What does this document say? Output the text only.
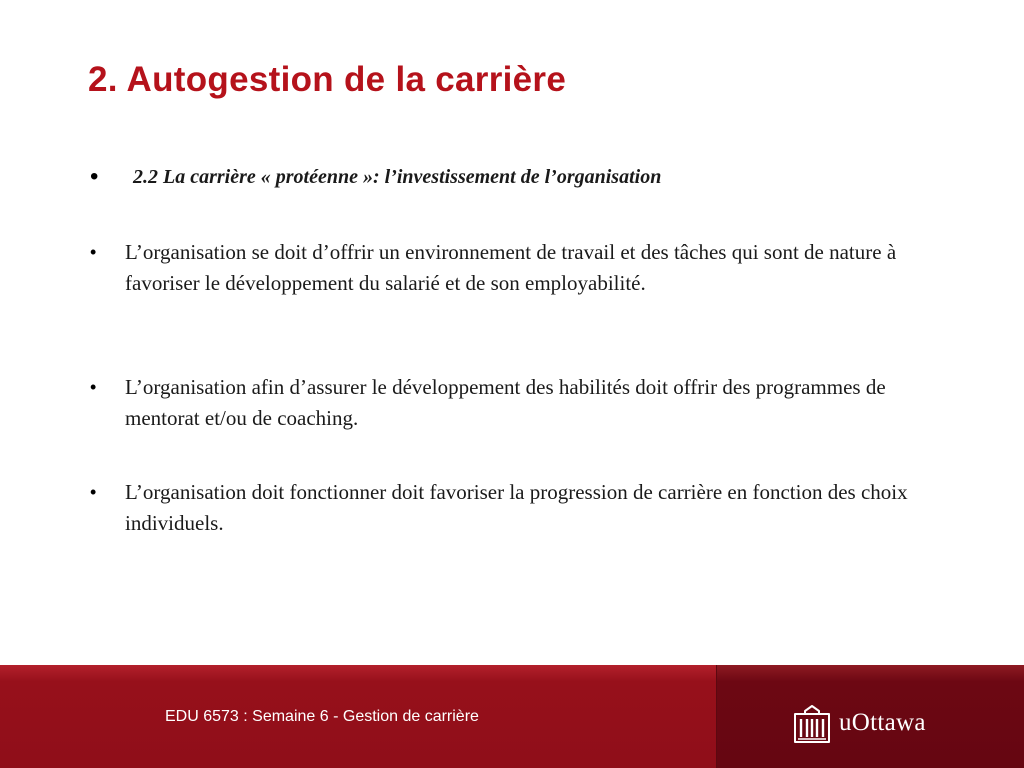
2. Autogestion de la carrière
• 2.2 La carrière « protéenne »: l’investissement de l’organisation
• L’organisation se doit d’offrir un environnement de travail et des tâches qui sont de nature à favoriser le développement du salarié et de son employabilité.
• L’organisation afin d’assurer le développement des habilités doit offrir des programmes de mentorat et/ou de coaching.
• L’organisation doit fonctionner doit favoriser la progression de carrière en fonction des choix individuels.
EDU 6573 : Semaine 6 - Gestion de carrière	uOttawa
